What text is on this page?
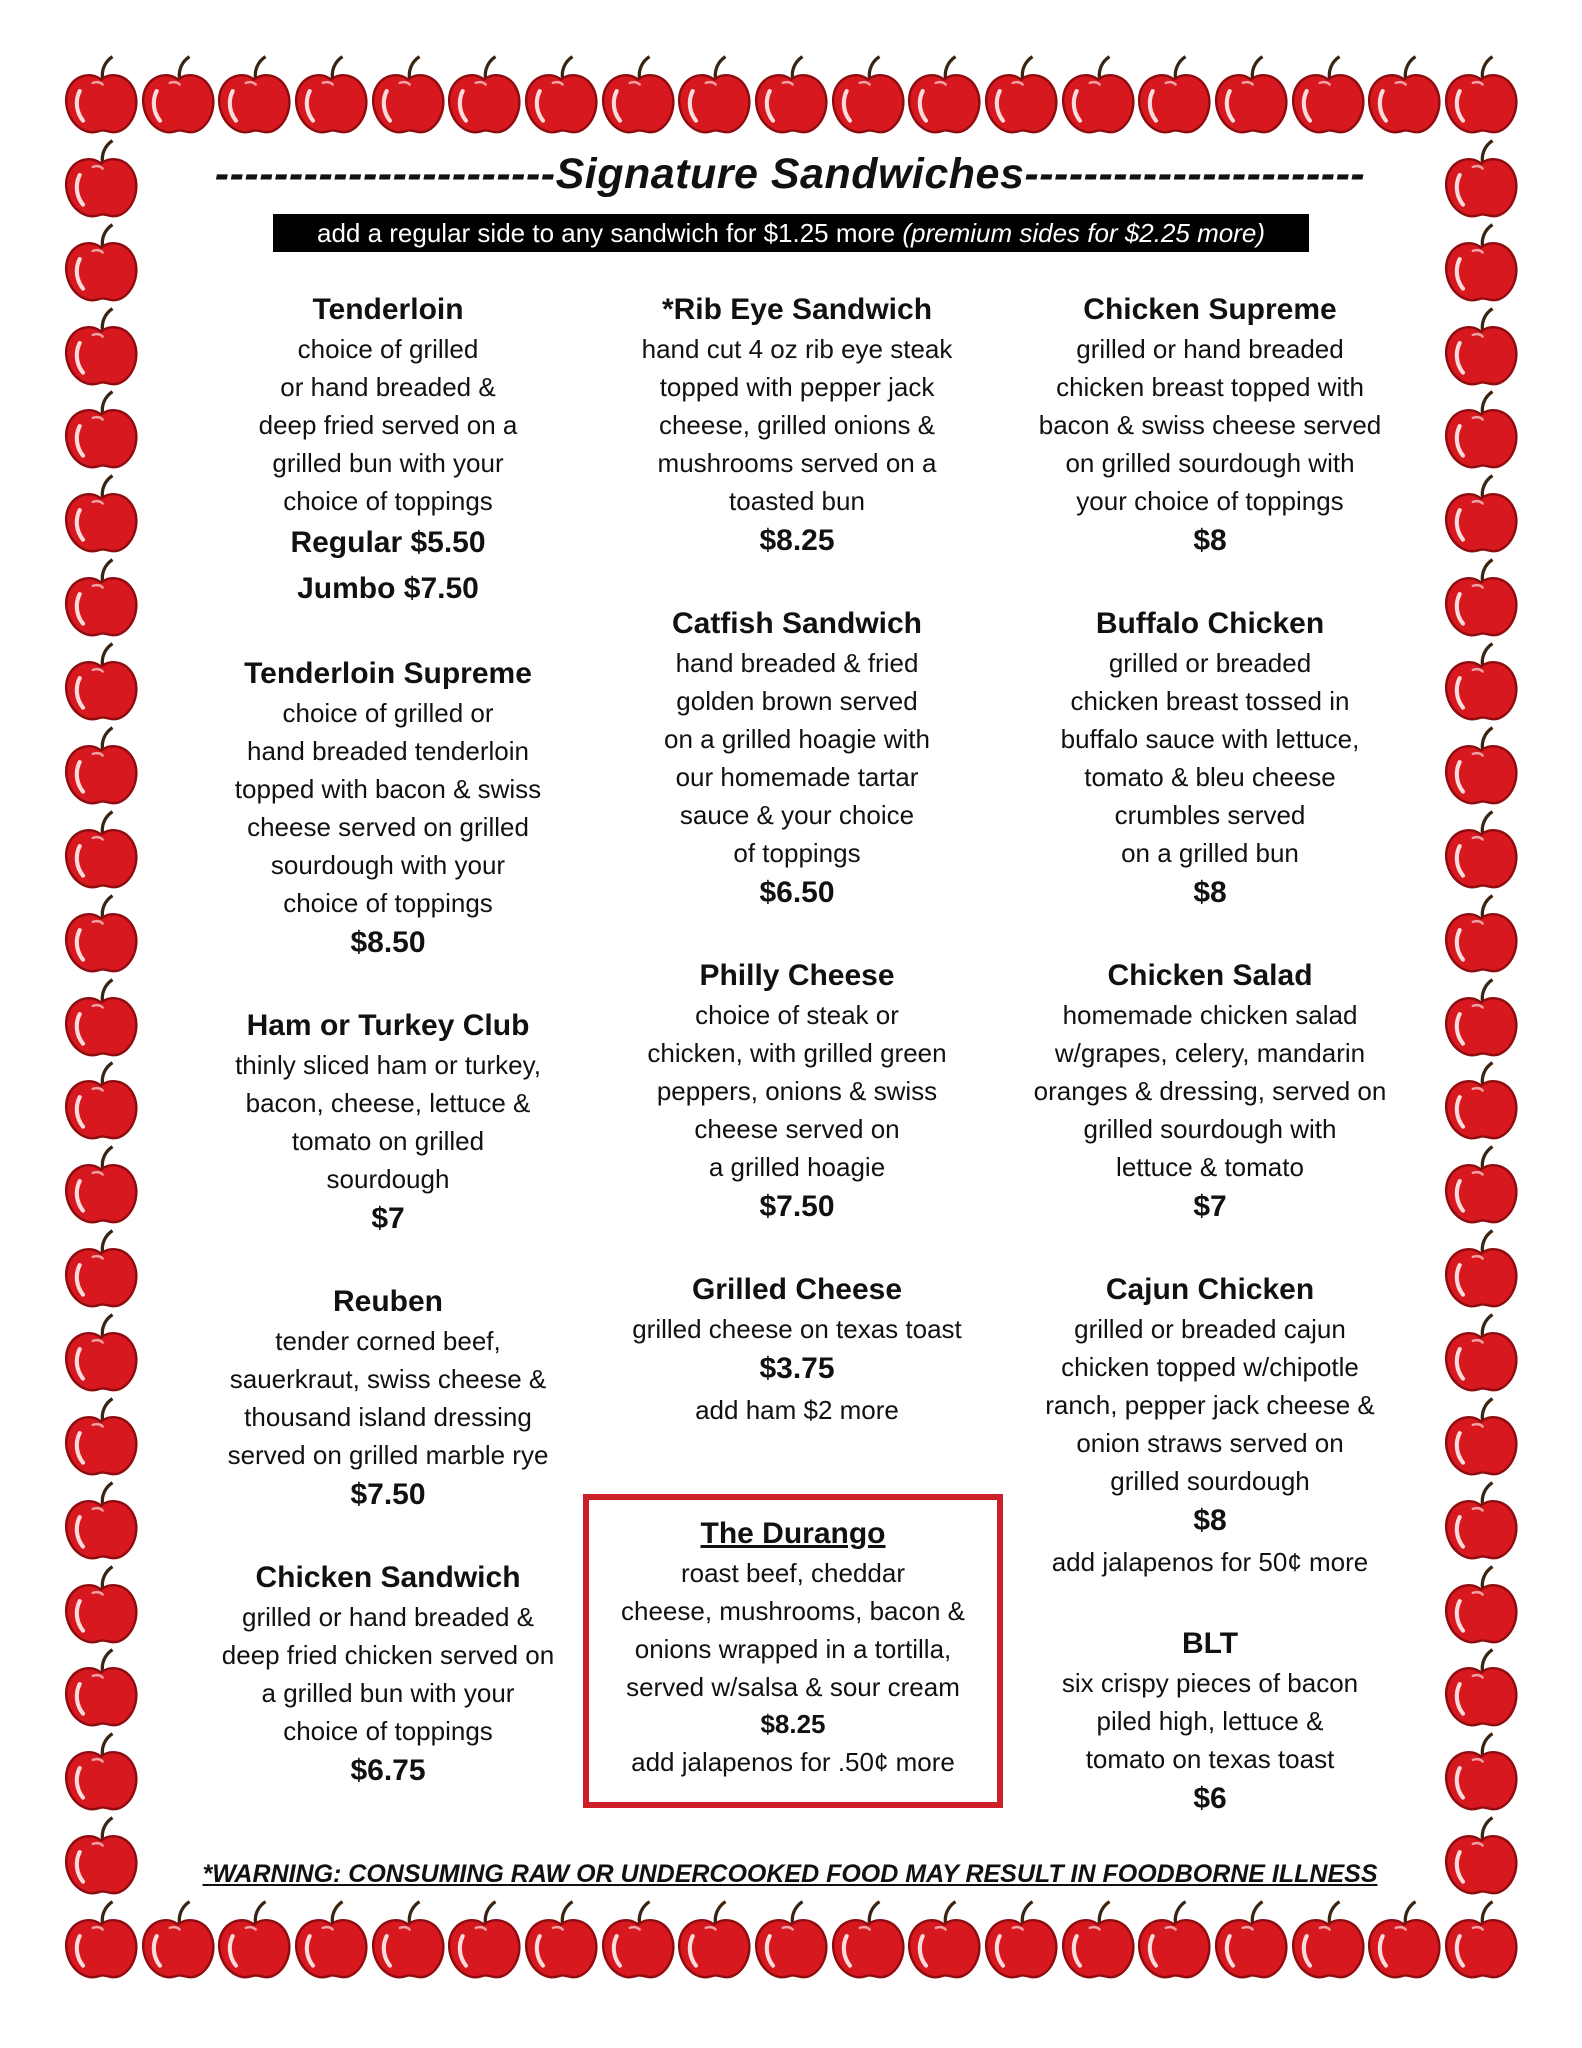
-----------------------Signature Sandwiches-----------------------
add a regular side to any sandwich for $1.25 more (premium sides for $2.25 more)
Tenderloin
choice of grilled
or hand breaded &
deep fried served on a
grilled bun with your
choice of toppings
Regular $5.50
Jumbo $7.50
Tenderloin Supreme
choice of grilled or
hand breaded tenderloin
topped with bacon & swiss
cheese served on grilled
sourdough with your
choice of toppings
$8.50
Ham or Turkey Club
thinly sliced ham or turkey,
bacon, cheese, lettuce &
tomato on grilled
sourdough
$7
Reuben
tender corned beef,
sauerkraut, swiss cheese &
thousand island dressing
served on grilled marble rye
$7.50
Chicken Sandwich
grilled or hand breaded &
deep fried chicken served on
a grilled bun with your
choice of toppings
$6.75
*Rib Eye Sandwich
hand cut 4 oz rib eye steak
topped with pepper jack
cheese, grilled onions &
mushrooms served on a
toasted bun
$8.25
Catfish Sandwich
hand breaded & fried
golden brown served
on a grilled hoagie with
our homemade tartar
sauce & your choice
of toppings
$6.50
Philly Cheese
choice of steak or
chicken, with grilled green
peppers, onions & swiss
cheese served on
a grilled hoagie
$7.50
Grilled Cheese
grilled cheese on texas toast
$3.75
add ham $2 more
Chicken Supreme
grilled or hand breaded
chicken breast topped with
bacon & swiss cheese served
on grilled sourdough with
your choice of toppings
$8
Buffalo Chicken
grilled or breaded
chicken breast tossed in
buffalo sauce with lettuce,
tomato & bleu cheese
crumbles served
on a grilled bun
$8
Chicken Salad
homemade chicken salad
w/grapes, celery, mandarin
oranges & dressing, served on
grilled sourdough with
lettuce & tomato
$7
Cajun Chicken
grilled or breaded cajun
chicken topped w/chipotle
ranch, pepper jack cheese &
onion straws served on
grilled sourdough
$8
add jalapenos for 50¢ more
BLT
six crispy pieces of bacon
piled high, lettuce &
tomato on texas toast
$6
The Durango
roast beef, cheddar
cheese, mushrooms, bacon &
onions wrapped in a tortilla,
served w/salsa & sour cream
$8.25
add jalapenos for .50¢ more
*WARNING: CONSUMING RAW OR UNDERCOOKED FOOD MAY RESULT IN FOODBORNE ILLNESS
